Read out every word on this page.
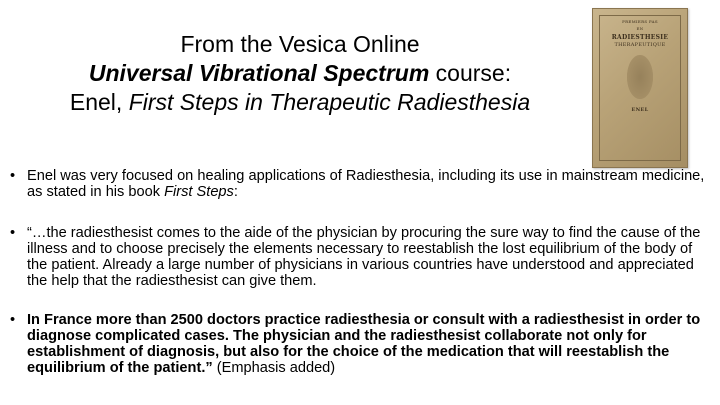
From the Vesica Online
Universal Vibrational Spectrum course:
Enel, First Steps in Therapeutic Radiesthesia
PREMIERS PAS
EN
RADIESTHESIE
THERAPEUTIQUE
ENEL
• Enel was very focused on healing applications of Radiesthesia, including its use in mainstream medicine, as stated in his book First Steps:
• “…the radiesthesist comes to the aide of the physician by procuring the sure way to find the cause of the illness and to choose precisely the elements necessary to reestablish the lost equilibrium of the body of the patient. Already a large number of physicians in various countries have understood and appreciated the help that the radiesthesist can give them.
• In France more than 2500 doctors practice radiesthesia or consult with a radiesthesist in order to diagnose complicated cases. The physician and the radiesthesist collaborate not only for establishment of diagnosis, but also for the choice of the medication that will reestablish the equilibrium of the patient.” (Emphasis added)
